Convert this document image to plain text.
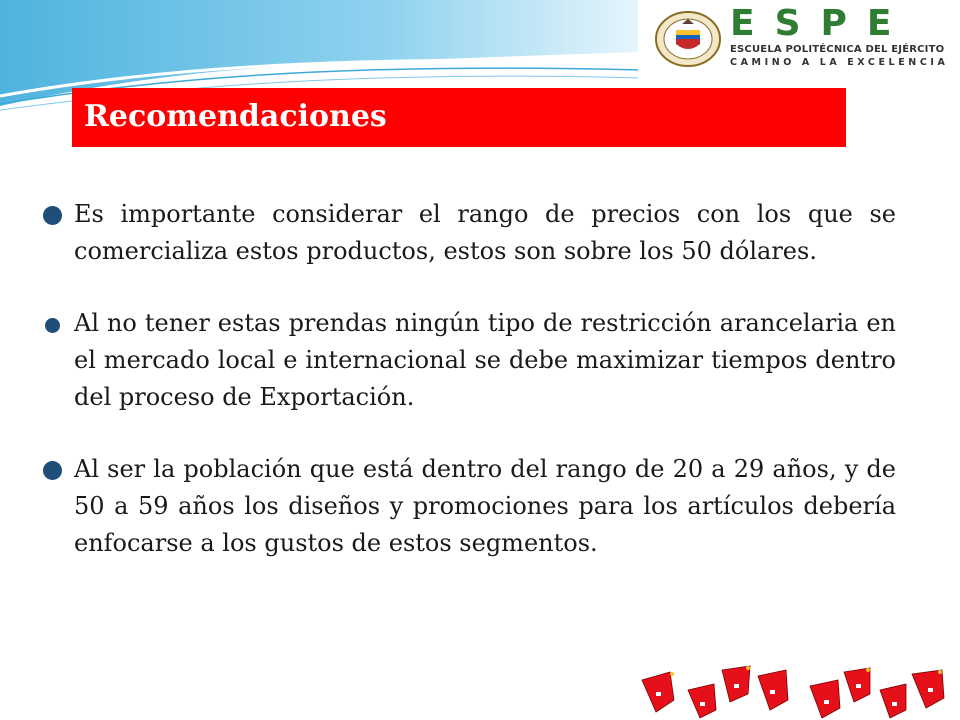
ESPE
ESCUELA POLITÉCNICA DEL EJÉRCITO
CAMINO A LA EXCELENCIA
Recomendaciones
Es importante considerar el rango de precios con los que se comercializa estos productos, estos son sobre los 50 dólares.
Al no tener estas prendas ningún tipo de restricción arancelaria en el mercado local e internacional se debe maximizar tiempos dentro del proceso de Exportación.
Al ser la población que está dentro del rango de 20 a 29 años, y de 50 a 59 años los diseños y promociones para los artículos debería enfocarse a los gustos de estos segmentos.
